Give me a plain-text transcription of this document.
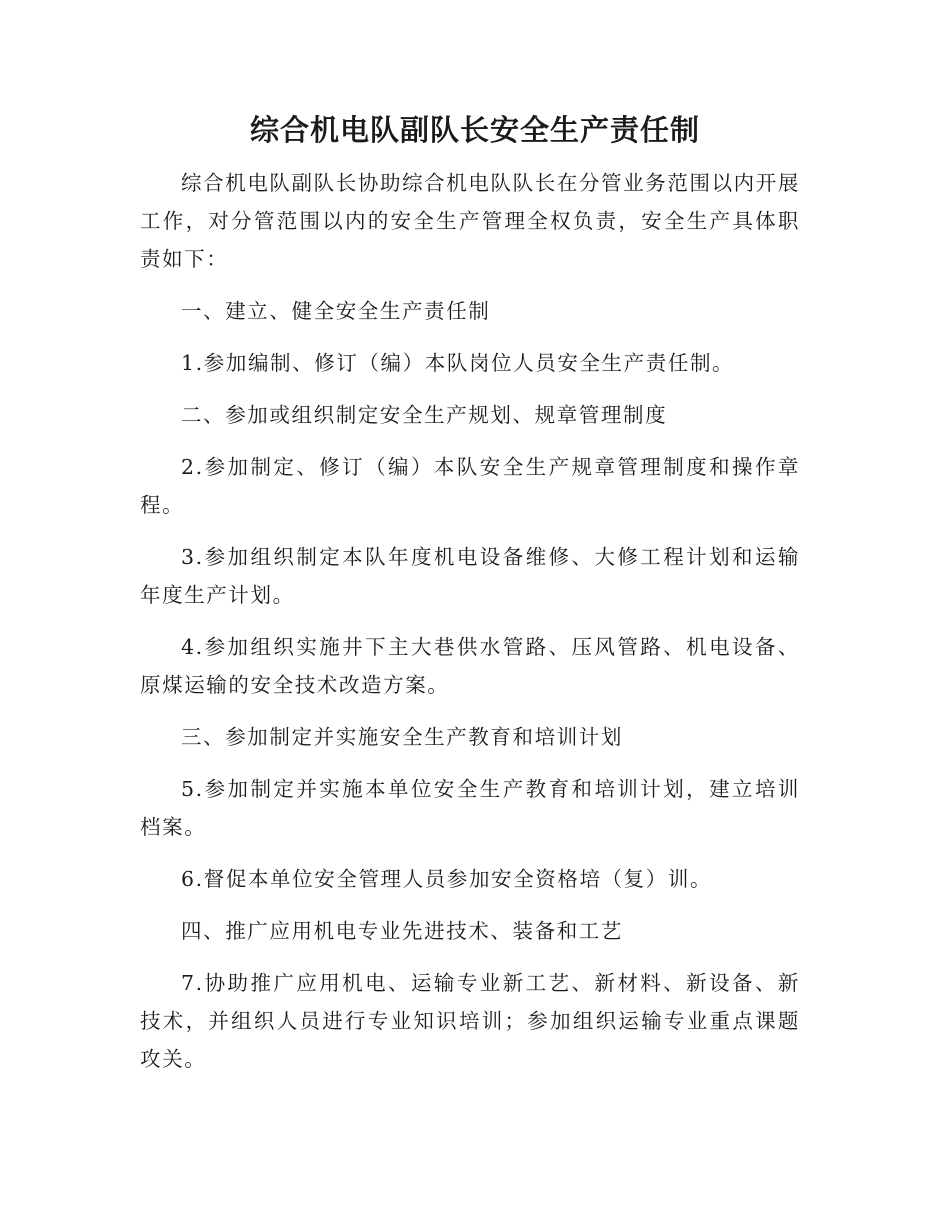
综合机电队副队长安全生产责任制

综合机电队副队长协助综合机电队队长在分管业务范围以内开展工作，对分管范围以内的安全生产管理全权负责，安全生产具体职责如下：

一、建立、健全安全生产责任制

1.参加编制、修订（编）本队岗位人员安全生产责任制。

二、参加或组织制定安全生产规划、规章管理制度

2.参加制定、修订（编）本队安全生产规章管理制度和操作章程。

3.参加组织制定本队年度机电设备维修、大修工程计划和运输年度生产计划。

4.参加组织实施井下主大巷供水管路、压风管路、机电设备、原煤运输的安全技术改造方案。

三、参加制定并实施安全生产教育和培训计划

5.参加制定并实施本单位安全生产教育和培训计划，建立培训档案。

6.督促本单位安全管理人员参加安全资格培（复）训。

四、推广应用机电专业先进技术、装备和工艺

7.协助推广应用机电、运输专业新工艺、新材料、新设备、新技术，并组织人员进行专业知识培训；参加组织运输专业重点课题攻关。
